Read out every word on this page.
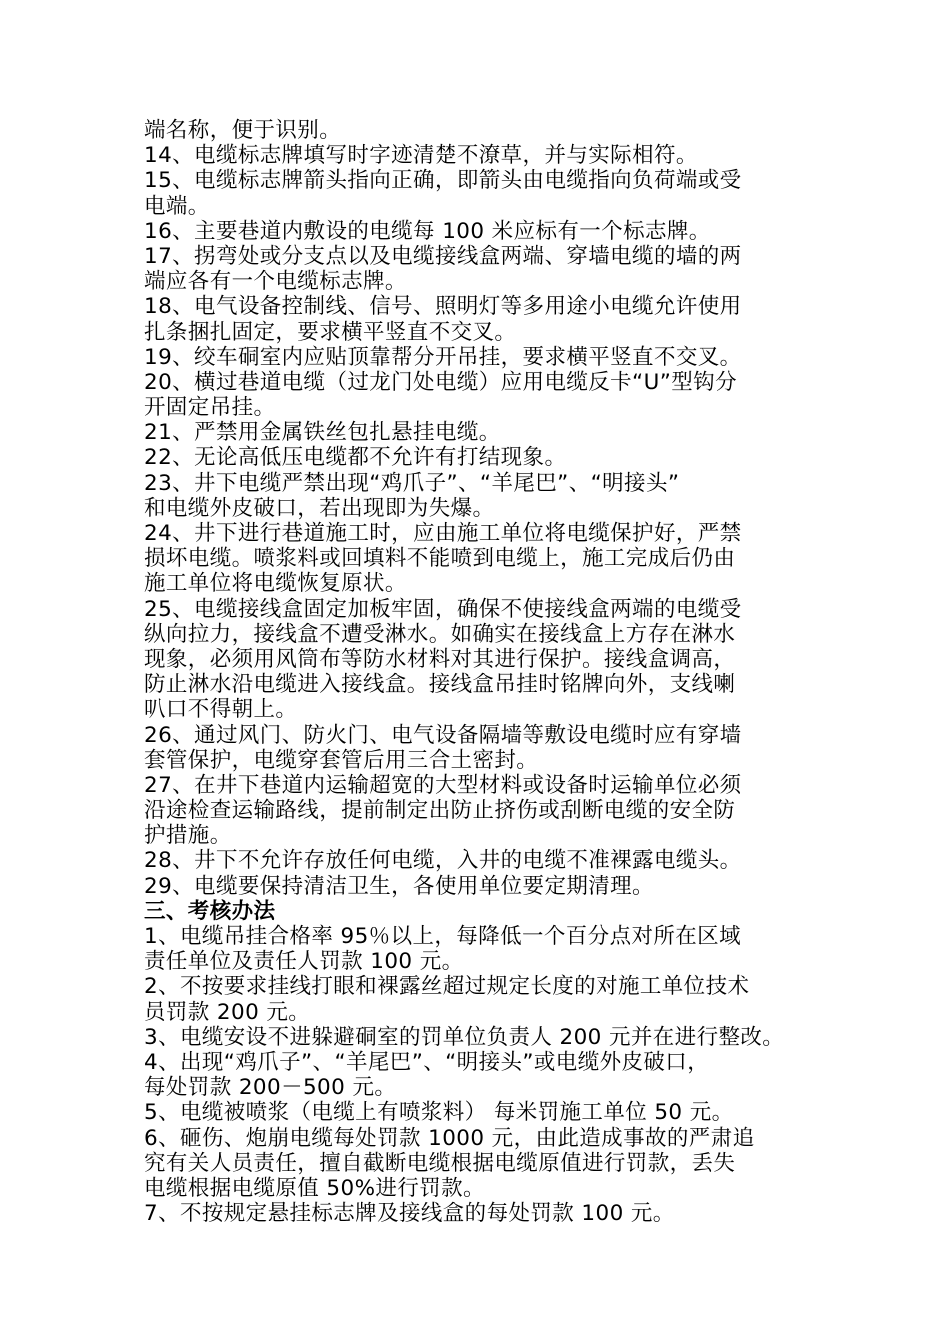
端名称，便于识别。
14、电缆标志牌填写时字迹清楚不潦草，并与实际相符。
15、电缆标志牌箭头指向正确，即箭头由电缆指向负荷端或受
电端。
16、主要巷道内敷设的电缆每 100 米应标有一个标志牌。
17、拐弯处或分支点以及电缆接线盒两端、穿墙电缆的墙的两
端应各有一个电缆标志牌。
18、电气设备控制线、信号、照明灯等多用途小电缆允许使用
扎条捆扎固定，要求横平竖直不交叉。
19、绞车硐室内应贴顶靠帮分开吊挂，要求横平竖直不交叉。
20、横过巷道电缆（过龙门处电缆）应用电缆反卡“U”型钩分
开固定吊挂。
21、严禁用金属铁丝包扎悬挂电缆。
22、无论高低压电缆都不允许有打结现象。
23、井下电缆严禁出现“鸡爪子”、“羊尾巴”、“明接头”
和电缆外皮破口，若出现即为失爆。
24、井下进行巷道施工时，应由施工单位将电缆保护好，严禁
损坏电缆。喷浆料或回填料不能喷到电缆上，施工完成后仍由
施工单位将电缆恢复原状。
25、电缆接线盒固定加板牢固，确保不使接线盒两端的电缆受
纵向拉力，接线盒不遭受淋水。如确实在接线盒上方存在淋水
现象，必须用风筒布等防水材料对其进行保护。接线盒调高，
防止淋水沿电缆进入接线盒。接线盒吊挂时铭牌向外，支线喇
叭口不得朝上。
26、通过风门、防火门、电气设备隔墙等敷设电缆时应有穿墙
套管保护，电缆穿套管后用三合土密封。
27、在井下巷道内运输超宽的大型材料或设备时运输单位必须
沿途检查运输路线，提前制定出防止挤伤或刮断电缆的安全防
护措施。
28、井下不允许存放任何电缆，入井的电缆不准裸露电缆头。
29、电缆要保持清洁卫生，各使用单位要定期清理。
三、考核办法
1、电缆吊挂合格率 95％以上，每降低一个百分点对所在区域
责任单位及责任人罚款 100 元。
2、不按要求挂线打眼和裸露丝超过规定长度的对施工单位技术
员罚款 200 元。
3、电缆安设不进躲避硐室的罚单位负责人 200 元并在进行整改。
4、出现“鸡爪子”、“羊尾巴”、“明接头”或电缆外皮破口，
每处罚款 200－500 元。
5、电缆被喷浆（电缆上有喷浆料） 每米罚施工单位 50 元。
6、砸伤、炮崩电缆每处罚款 1000 元，由此造成事故的严肃追
究有关人员责任，擅自截断电缆根据电缆原值进行罚款，丢失
电缆根据电缆原值 50%进行罚款。
7、不按规定悬挂标志牌及接线盒的每处罚款 100 元。
